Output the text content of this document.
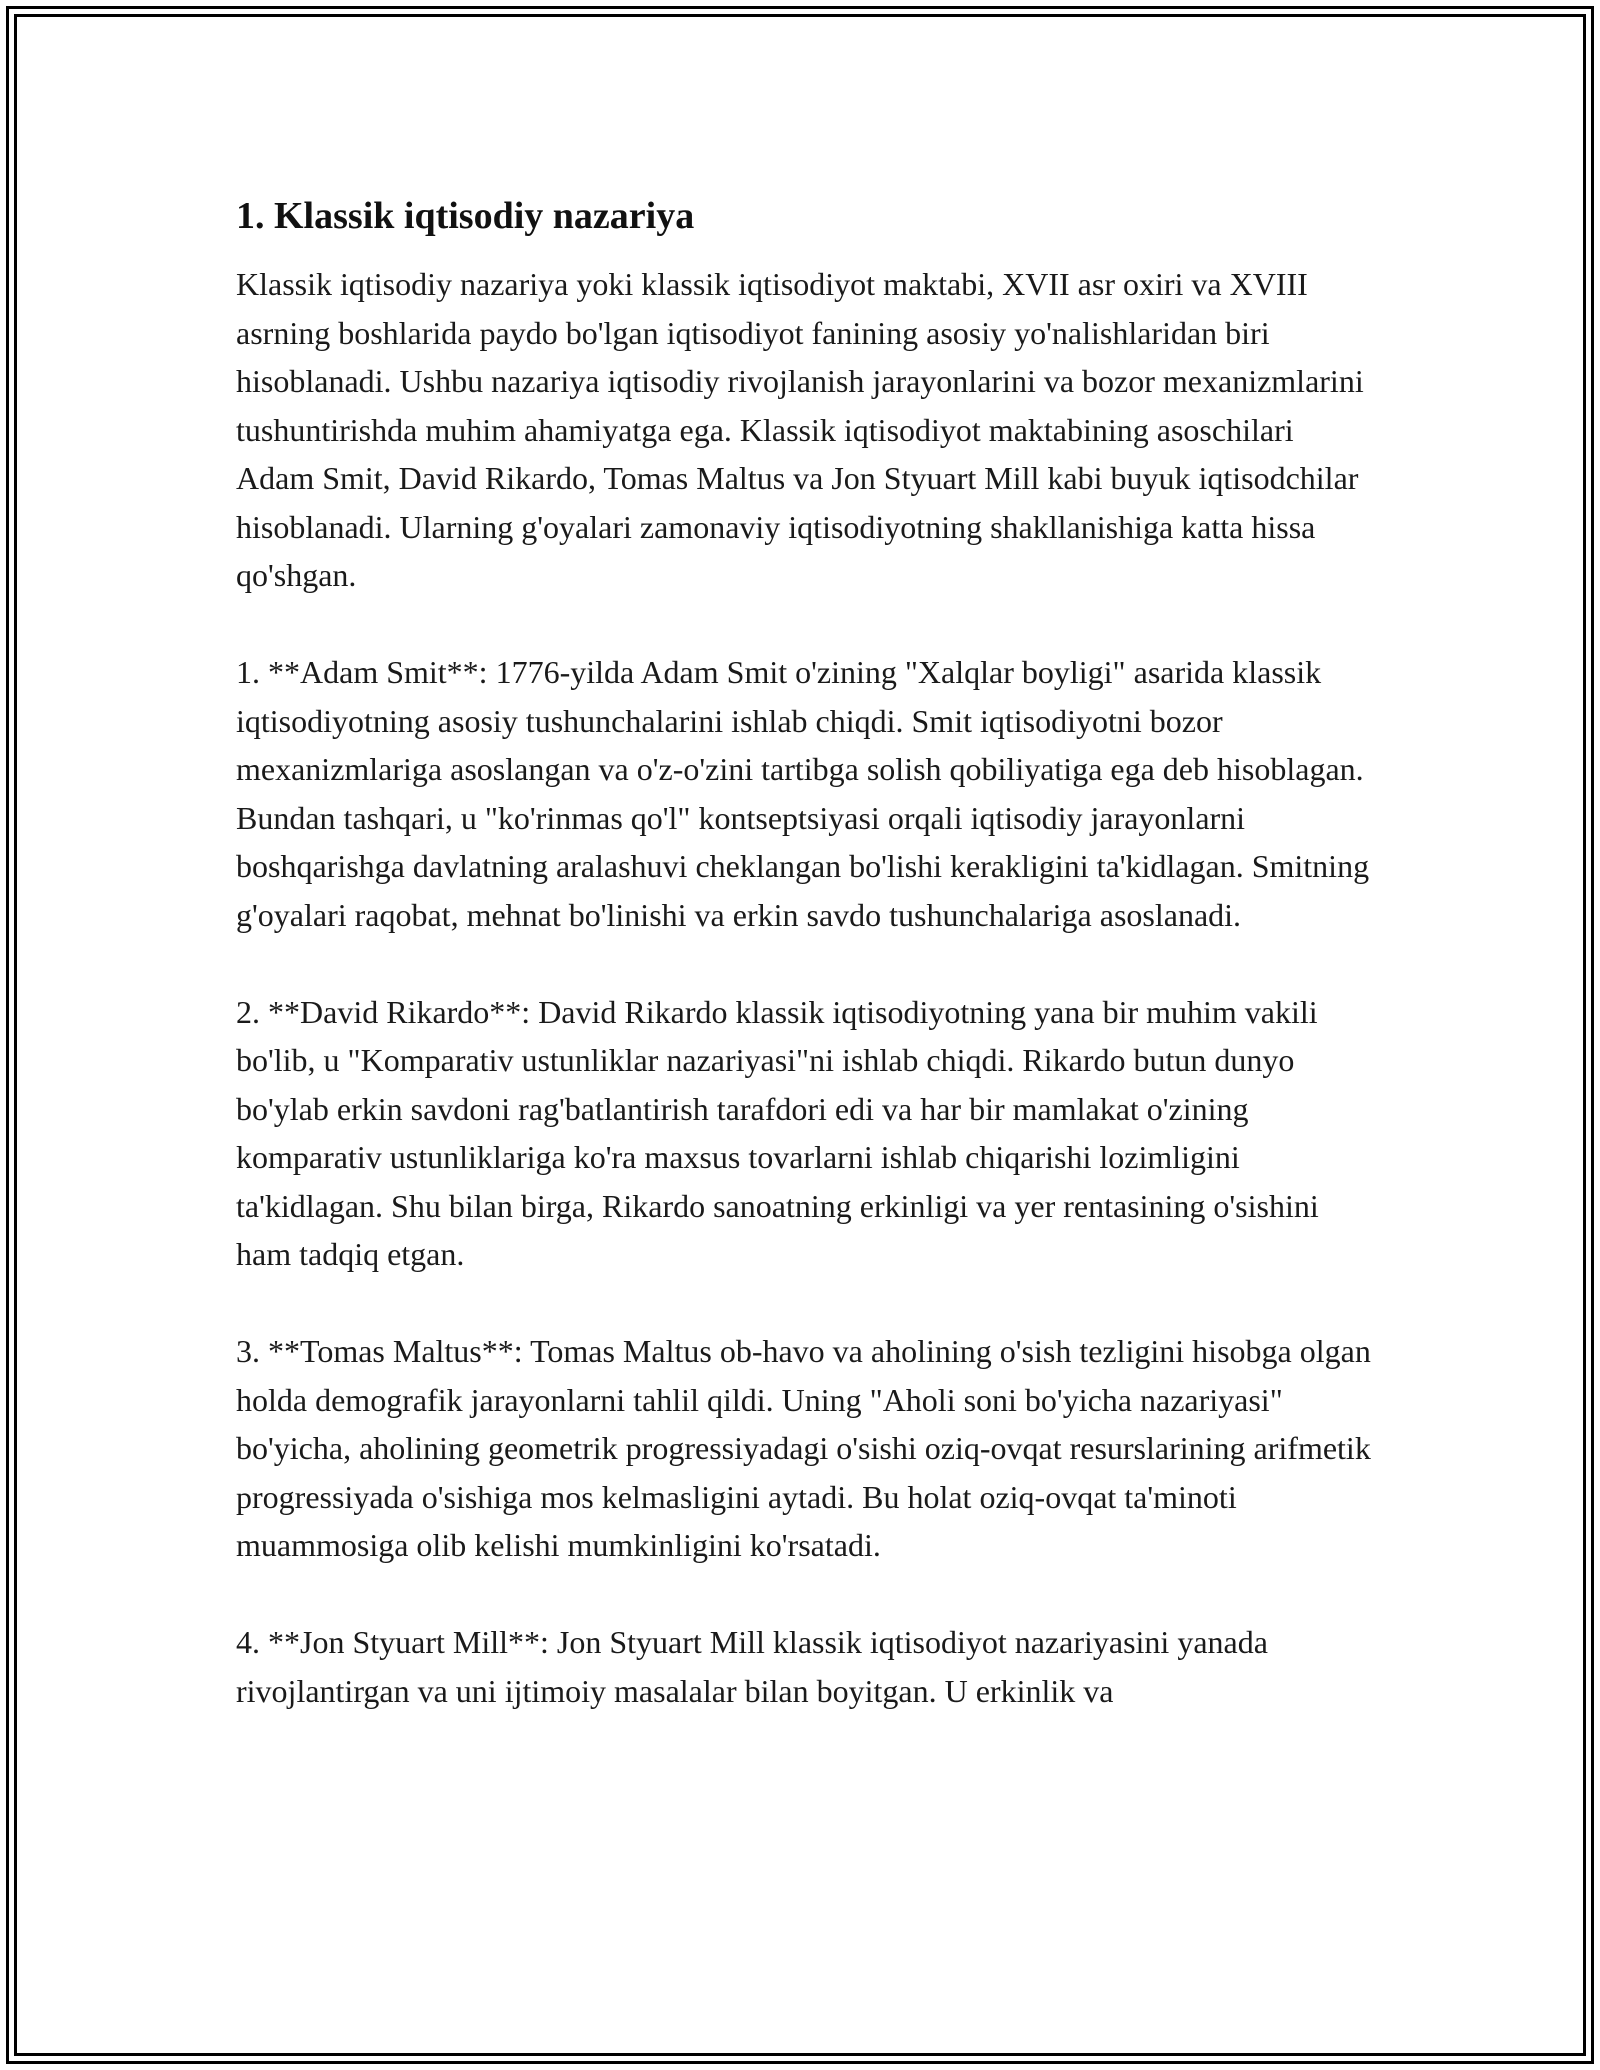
1. Klassik iqtisodiy nazariya

Klassik iqtisodiy nazariya yoki klassik iqtisodiyot maktabi, XVII asr oxiri va XVIII asrning boshlarida paydo bo'lgan iqtisodiyot fanining asosiy yo'nalishlaridan biri hisoblanadi. Ushbu nazariya iqtisodiy rivojlanish jarayonlarini va bozor mexanizmlarini tushuntirishda muhim ahamiyatga ega. Klassik iqtisodiyot maktabining asoschilari Adam Smit, David Rikardo, Tomas Maltus va Jon Styuart Mill kabi buyuk iqtisodchilar hisoblanadi. Ularning g'oyalari zamonaviy iqtisodiyotning shakllanishiga katta hissa qo'shgan.

1. **Adam Smit**: 1776-yilda Adam Smit o'zining "Xalqlar boyligi" asarida klassik iqtisodiyotning asosiy tushunchalarini ishlab chiqdi. Smit iqtisodiyotni bozor mexanizmlariga asoslangan va o'z-o'zini tartibga solish qobiliyatiga ega deb hisoblagan. Bundan tashqari, u "ko'rinmas qo'l" kontseptsiyasi orqali iqtisodiy jarayonlarni boshqarishga davlatning aralashuvi cheklangan bo'lishi kerakligini ta'kidlagan. Smitning g'oyalari raqobat, mehnat bo'linishi va erkin savdo tushunchalariga asoslanadi.

2. **David Rikardo**: David Rikardo klassik iqtisodiyotning yana bir muhim vakili bo'lib, u "Komparativ ustunliklar nazariyasi"ni ishlab chiqdi. Rikardo butun dunyo bo'ylab erkin savdoni rag'batlantirish tarafdori edi va har bir mamlakat o'zining komparativ ustunliklariga ko'ra maxsus tovarlarni ishlab chiqarishi lozimligini ta'kidlagan. Shu bilan birga, Rikardo sanoatning erkinligi va yer rentasining o'sishini ham tadqiq etgan.

3. **Tomas Maltus**: Tomas Maltus ob-havo va aholining o'sish tezligini hisobga olgan holda demografik jarayonlarni tahlil qildi. Uning "Aholi soni bo'yicha nazariyasi" bo'yicha, aholining geometrik progressiyadagi o'sishi oziq-ovqat resurslarining arifmetik progressiyada o'sishiga mos kelmasligini aytadi. Bu holat oziq-ovqat ta'minoti muammosiga olib kelishi mumkinligini ko'rsatadi.

4. **Jon Styuart Mill**: Jon Styuart Mill klassik iqtisodiyot nazariyasini yanada rivojlantirgan va uni ijtimoiy masalalar bilan boyitgan. U erkinlik va
